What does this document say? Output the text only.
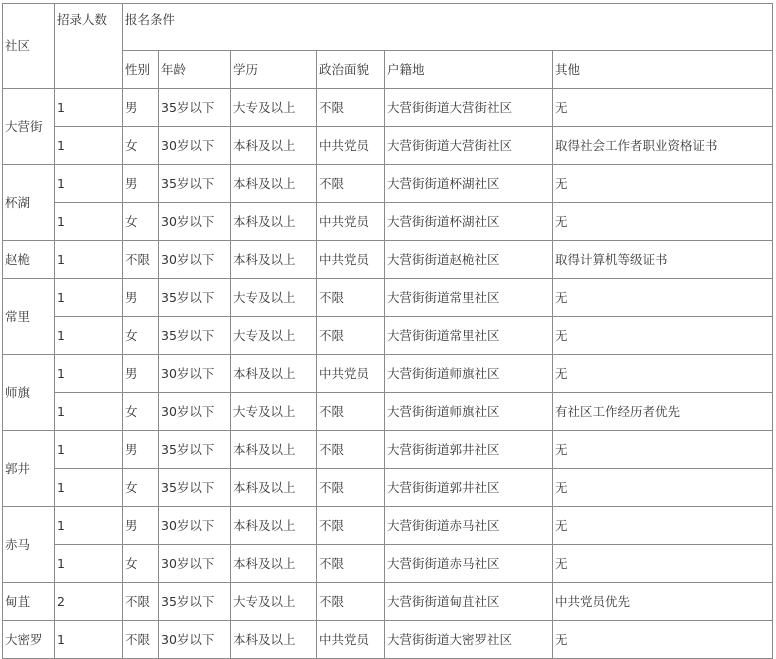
社区	招录人数	报名条件					
		性别	年龄	学历	政治面貌	户籍地	其他
大营街	1	男	35岁以下	大专及以上	不限	大营街街道大营街社区	无
	1	女	30岁以下	本科及以上	中共党员	大营街街道大营街社区	取得社会工作者职业资格证书
杯湖	1	男	35岁以下	本科及以上	不限	大营街街道杯湖社区	无
	1	女	30岁以下	本科及以上	中共党员	大营街街道杯湖社区	无
赵桅	1	不限	30岁以下	本科及以上	中共党员	大营街街道赵桅社区	取得计算机等级证书
常里	1	男	35岁以下	大专及以上	不限	大营街街道常里社区	无
	1	女	35岁以下	大专及以上	不限	大营街街道常里社区	无
师旗	1	男	30岁以下	本科及以上	中共党员	大营街街道师旗社区	无
	1	女	30岁以下	大专及以上	不限	大营街街道师旗社区	有社区工作经历者优先
郭井	1	男	35岁以下	本科及以上	不限	大营街街道郭井社区	无
	1	女	35岁以下	本科及以上	不限	大营街街道郭井社区	无
赤马	1	男	30岁以下	本科及以上	不限	大营街街道赤马社区	无
	1	女	30岁以下	本科及以上	不限	大营街街道赤马社区	无
甸苴	2	不限	35岁以下	大专及以上	不限	大营街街道甸苴社区	中共党员优先
大密罗	1	不限	30岁以下	本科及以上	中共党员	大营街街道大密罗社区	无
